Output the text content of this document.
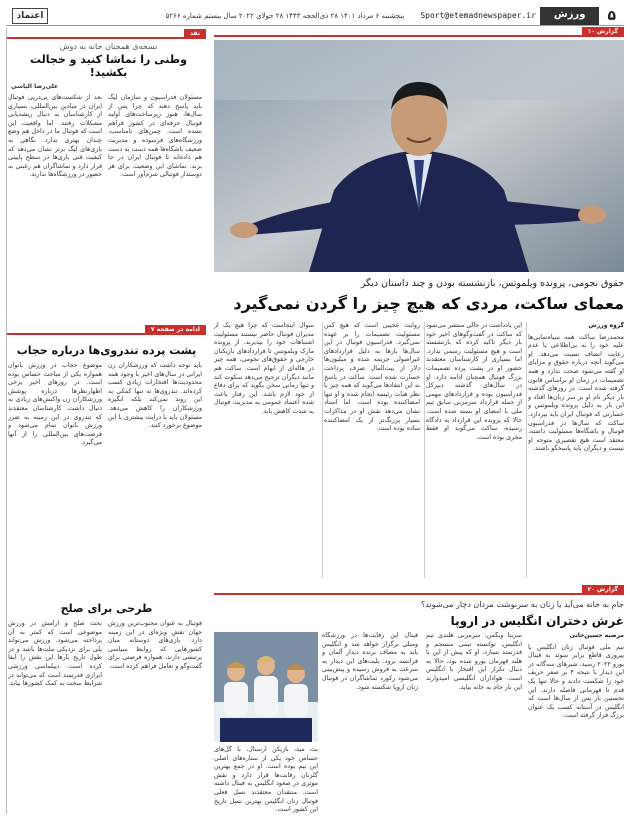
۵
ورزش
Sport@etemadnewspaper.ir
پنجشنبه ۶ مرداد ۱۴۰۱ ۲۸ ذی‌الحجه ۱۴۴۳ ۲۸ جولای ۲۰۲۲ سال بیستم شماره ۵۲۶۶
اعتماد
نقد
نسخه‌ی همجنان خانه به دوش
وطنی را تماشا کنید و خجالت بکشید!
علی‌رضا الیاسی
بعد از شکست‌های پی‌درپی فوتبال ایران در میادین بین‌المللی، بسیاری از کارشناسان به دنبال ریشه‌یابی مشکلات رفتند. اما واقعیت این است که فوتبال ما در داخل هم وضع چندان بهتری ندارد. نگاهی به بازی‌های لیگ برتر نشان می‌دهد که کیفیت فنی بازی‌ها در سطح پایینی قرار دارد و تماشاگران هم رغبتی به حضور در ورزشگاه‌ها ندارند.
مسئولان فدراسیون و سازمان لیگ باید پاسخ دهند که چرا پس از سال‌ها، هنوز زیرساخت‌های اولیه فوتبال حرفه‌ای در کشور فراهم نشده است. چمن‌های نامناسب، ورزشگاه‌های فرسوده و مدیریت ضعیف باشگاه‌ها همه دست به دست هم داده‌اند تا فوتبال ایران در جا بزند. تماشای این وضعیت برای هر دوستدار فوتبالی شرم‌آور است.
ادامه در صفحه ۷
پشت پرده تندروی‌ها درباره حجاب
موضوع حجاب در ورزش بانوان همواره یکی از مباحث حساس بوده است. در روزهای اخیر برخی اظهارنظرها درباره پوشش ورزشکاران زن واکنش‌های زیادی به دنبال داشت. کارشناسان معتقدند که تندروی در این زمینه به ضرر ورزش بانوان تمام می‌شود و فرصت‌های بین‌المللی را از آنها می‌گیرد.
باید توجه داشت که ورزشکاران زن ایرانی در سال‌های اخیر با وجود همه محدودیت‌ها افتخارات زیادی کسب کرده‌اند. تندروی‌ها نه تنها کمکی به این روند نمی‌کند بلکه انگیزه ورزشکاران را کاهش می‌دهد. مسئولان باید با درایت بیشتری با این موضوع برخورد کنند.
طرحی برای صلح
بحث صلح و آرامش در ورزش موضوعی است که کمتر به آن پرداخته می‌شود. ورزش می‌تواند پلی برای نزدیکی ملت‌ها باشد و در طول تاریخ بارها این نقش را ایفا کرده است. دیپلماسی ورزشی ابزاری قدرتمند است که می‌تواند در شرایط سخت به کمک کشورها بیاید.
فوتبال به عنوان محبوب‌ترین ورزش جهان نقش ویژه‌ای در این زمینه دارد. بازی‌های دوستانه میان کشورهایی که روابط سیاسی پرتنشی دارند، همواره فرصتی برای گفت‌وگو و تعامل فراهم کرده است.
گزارش ۱۰
حقوق نجومی، پرونده ویلموتس، بازنشسته بودن و چند داستان دیگر
معمای ساکت، مردی که هیچ چیز را گردن نمی‌گیرد
گروه ورزش
محمدرضا ساکت همه سیاه‌نمایی‌ها علیه خود را به بی‌اطلاعی یا عدم رعایت انصاف نسبت می‌دهد. او می‌گوید آنچه درباره حقوق و مزایای او گفته می‌شود صحت ندارد و همه تصمیمات در زمان او براساس قانون گرفته شده است. در روزهای گذشته بار دیگر نام او بر سر زبان‌ها افتاد و این بار به دلیل پرونده ویلموتس و خسارتی که فوتبال ایران باید بپردازد. ساکت که سال‌ها در فدراسیون فوتبال و باشگاه‌ها مسئولیت داشته، معتقد است هیچ تقصیری متوجه او نیست و دیگران باید پاسخگو باشند.
این یادداشت در حالی منتشر می‌شود که ساکت در گفت‌وگوهای اخیر خود بار دیگر تاکید کرده که بازنشسته است و هیچ مسئولیت رسمی ندارد. اما بسیاری از کارشناسان معتقدند حضور او در پشت پرده تصمیمات بزرگ فوتبال همچنان ادامه دارد. او در سال‌های گذشته دبیرکل فدراسیون بوده و قراردادهای مهمی از جمله قرارداد سرمربی سابق تیم ملی با امضای او بسته شده است. حالا که پرونده این قرارداد به دادگاه رسیده، ساکت می‌گوید او فقط مجری بوده است.
روایت عجیبی است که هیچ کس مسئولیت تصمیمات را بر عهده نمی‌گیرد. فدراسیون فوتبال در این سال‌ها بارها به دلیل قراردادهای غیراصولی جریمه شده و میلیون‌ها دلار از بیت‌المال صرف پرداخت خسارت شده است. ساکت در پاسخ به این انتقادها می‌گوید که همه چیز با نظر هیات رئیسه انجام شده و او تنها امضاکننده بوده است. اما اسناد نشان می‌دهد نقش او در مذاکرات بسیار پررنگ‌تر از یک امضاکننده ساده بوده است.
سوال اینجاست که چرا هیچ یک از مدیران فوتبال حاضر نیستند مسئولیت اشتباهات خود را بپذیرند. از پرونده مارک ویلموتس تا قراردادهای بازیکنان خارجی و حقوق‌های نجومی، همه چیز در هاله‌ای از ابهام است. ساکت هم مانند دیگران ترجیح می‌دهد سکوت کند و تنها زمانی سخن بگوید که برای دفاع از خود لازم باشد. این رفتار باعث شده اعتماد عمومی به مدیریت فوتبال به شدت کاهش یابد.
گزارش ۲۰
جام به خانه می‌آید یا زنان به سرنوشت مردان دچار می‌شوند؟
غرش دختران انگلیس در اروپا
مرضیه حسین‌خانی
تیم ملی فوتبال زنان انگلیس با پیروزی قاطع برابر سوئد به فینال یورو ۲۰۲۲ رسید. شیرهای سه‌گانه در این دیدار با نتیجه ۴ بر صفر حریف خود را شکست دادند و حالا تنها یک قدم تا قهرمانی فاصله دارند. این نخستین بار پس از سال‌ها است که انگلیس در آستانه کسب یک عنوان بزرگ قرار گرفته است.
سرینا ویگمن، سرمربی هلندی تیم انگلیس، توانسته تیمی منسجم و قدرتمند بسازد. او که پیش از این با هلند قهرمان یورو شده بود، حالا به دنبال تکرار این افتخار با انگلیس است. هواداران انگلیسی امیدوارند این بار جام به خانه بیاید.
بث مید، بازیکن آرسنال، با گل‌های حساس خود یکی از ستاره‌های اصلی این تیم بوده است. او در جمع بهترین گلزنان رقابت‌ها قرار دارد و نقش موثری در صعود انگلیس به فینال داشته است. منتقدان معتقدند نسل فعلی فوتبال زنان انگلیس بهترین نسل تاریخ این کشور است.
فینال این رقابت‌ها در ورزشگاه ومبلی برگزار خواهد شد و انگلیس باید به مصاف برنده دیدار آلمان و فرانسه برود. بلیت‌های این دیدار به سرعت به فروش رسیده و پیش‌بینی می‌شود رکورد تماشاگران در فوتبال زنان اروپا شکسته شود.
